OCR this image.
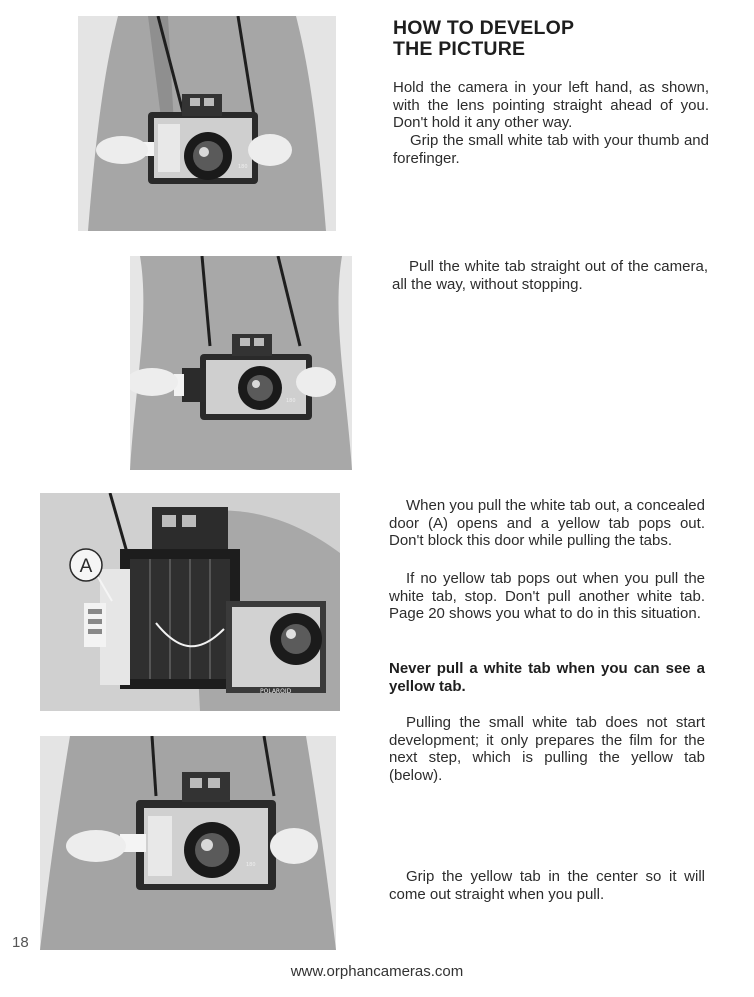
180
180
A
POLAROID
180
HOW TO DEVELOP
THE PICTURE

Hold the camera in your left hand, as shown, with the lens pointing straight ahead of you. Don't hold it any other way.

Grip the small white tab with your thumb and forefinger.

Pull the white tab straight out of the camera, all the way, without stopping.

When you pull the white tab out, a concealed door (A) opens and a yellow tab pops out. Don't block this door while pulling the tabs.

If no yellow tab pops out when you pull the white tab, stop. Don't pull another white tab. Page 20 shows you what to do in this situation.

Never pull a white tab when you can see a yellow tab.

Pulling the small white tab does not start development; it only prepares the film for the next step, which is pulling the yellow tab (below).

Grip the yellow tab in the center so it will come out straight when you pull.

18
www.orphancameras.com
